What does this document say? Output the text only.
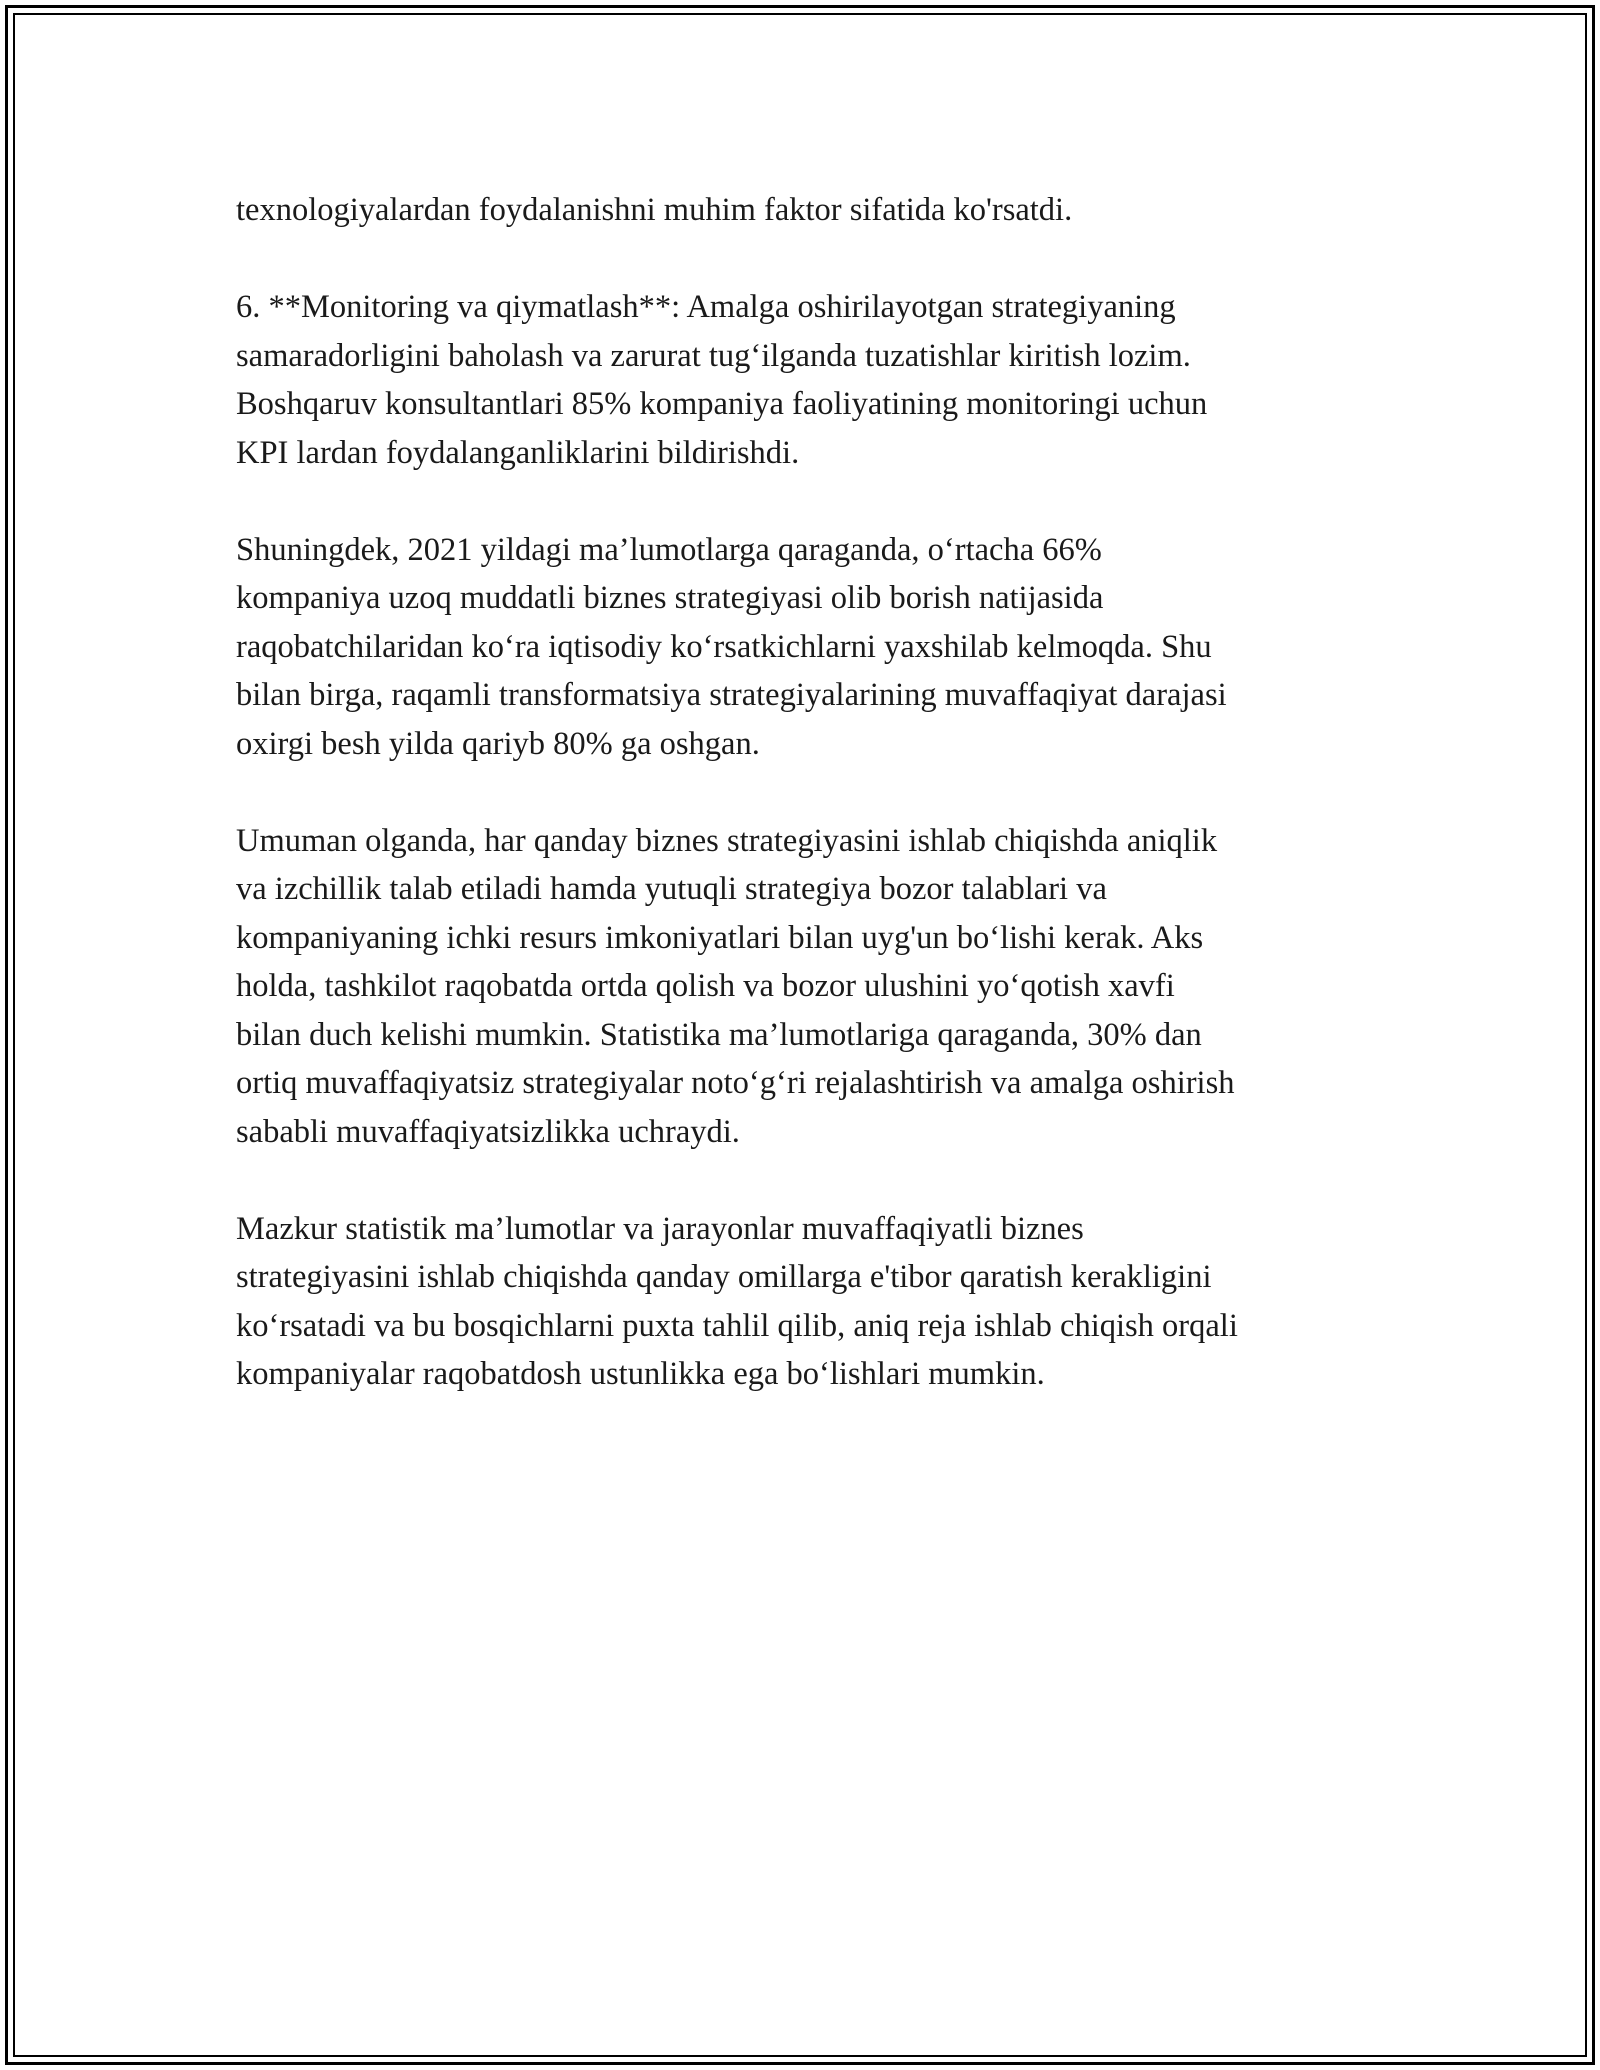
texnologiyalardan foydalanishni muhim faktor sifatida ko'rsatdi.

6. **Monitoring va qiymatlash**: Amalga oshirilayotgan strategiyaning
samaradorligini baholash va zarurat tug‘ilganda tuzatishlar kiritish lozim.
Boshqaruv konsultantlari 85% kompaniya faoliyatining monitoringi uchun
KPI lardan foydalanganliklarini bildirishdi.

Shuningdek, 2021 yildagi ma’lumotlarga qaraganda, o‘rtacha 66%
kompaniya uzoq muddatli biznes strategiyasi olib borish natijasida
raqobatchilaridan ko‘ra iqtisodiy ko‘rsatkichlarni yaxshilab kelmoqda. Shu
bilan birga, raqamli transformatsiya strategiyalarining muvaffaqiyat darajasi
oxirgi besh yilda qariyb 80% ga oshgan.

Umuman olganda, har qanday biznes strategiyasini ishlab chiqishda aniqlik
va izchillik talab etiladi hamda yutuqli strategiya bozor talablari va
kompaniyaning ichki resurs imkoniyatlari bilan uyg'un bo‘lishi kerak. Aks
holda, tashkilot raqobatda ortda qolish va bozor ulushini yo‘qotish xavfi
bilan duch kelishi mumkin. Statistika ma’lumotlariga qaraganda, 30% dan
ortiq muvaffaqiyatsiz strategiyalar noto‘g‘ri rejalashtirish va amalga oshirish
sababli muvaffaqiyatsizlikka uchraydi.

Mazkur statistik ma’lumotlar va jarayonlar muvaffaqiyatli biznes
strategiyasini ishlab chiqishda qanday omillarga e'tibor qaratish kerakligini
ko‘rsatadi va bu bosqichlarni puxta tahlil qilib, aniq reja ishlab chiqish orqali
kompaniyalar raqobatdosh ustunlikka ega bo‘lishlari mumkin.
